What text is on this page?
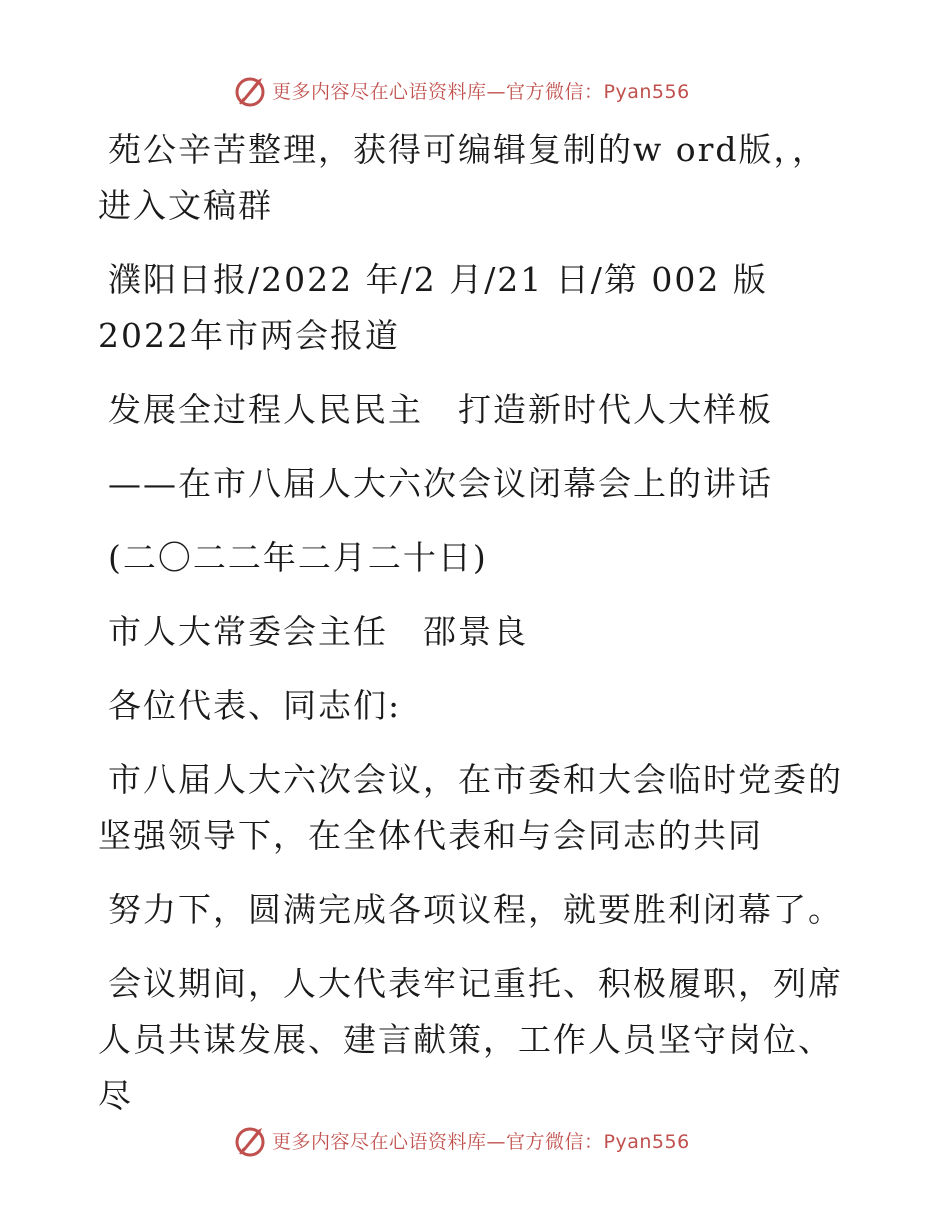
更多内容尽在心语资料库—官方微信：Pyan556

苑公辛苦整理，获得可编辑复制的w ord版，，进入文稿群

濮阳日报/2022 年/2 月/21 日/第 002 版2022年市两会报道

发展全过程人民民主　打造新时代人大样板

——在市八届人大六次会议闭幕会上的讲话

(二〇二二年二月二十日)

市人大常委会主任　邵景良

各位代表、同志们:

市八届人大六次会议，在市委和大会临时党委的坚强领导下，在全体代表和与会同志的共同

努力下，圆满完成各项议程，就要胜利闭幕了。

会议期间，人大代表牢记重托、积极履职，列席人员共谋发展、建言献策，工作人员坚守岗位、尽

更多内容尽在心语资料库—官方微信：Pyan556
